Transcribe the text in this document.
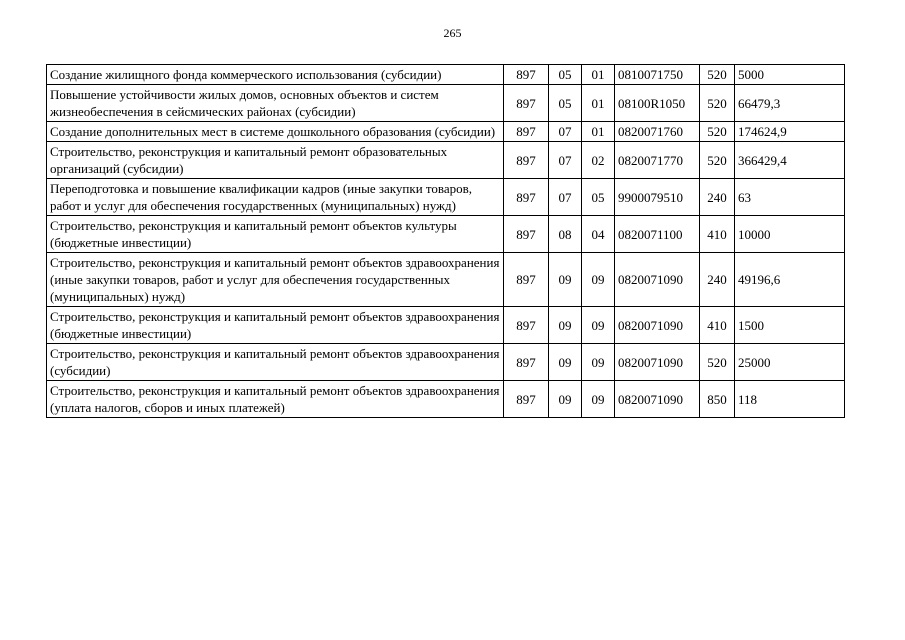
265
Создание жилищного фонда коммерческого использования (субсидии)	897	05	01	0810071750	520	5000
Повышение устойчивости жилых домов, основных объектов и систем жизнеобеспечения в сейсмических районах (субсидии)	897	05	01	08100R1050	520	66479,3
Создание дополнительных мест в системе дошкольного образования (субсидии)	897	07	01	0820071760	520	174624,9
Строительство, реконструкция и капитальный ремонт образовательных организаций (субсидии)	897	07	02	0820071770	520	366429,4
Переподготовка и повышение квалификации кадров (иные закупки товаров, работ и услуг для обеспечения государственных (муниципальных) нужд)	897	07	05	9900079510	240	63
Строительство, реконструкция и капитальный ремонт объектов культуры (бюджетные инвестиции)	897	08	04	0820071100	410	10000
Строительство, реконструкция и капитальный ремонт объектов здравоохранения (иные закупки товаров, работ и услуг для обеспечения государственных (муниципальных) нужд)	897	09	09	0820071090	240	49196,6
Строительство, реконструкция и капитальный ремонт объектов здравоохранения (бюджетные инвестиции)	897	09	09	0820071090	410	1500
Строительство, реконструкция и капитальный ремонт объектов здравоохранения (субсидии)	897	09	09	0820071090	520	25000
Строительство, реконструкция и капитальный ремонт объектов здравоохранения (уплата налогов, сборов и иных платежей)	897	09	09	0820071090	850	118
